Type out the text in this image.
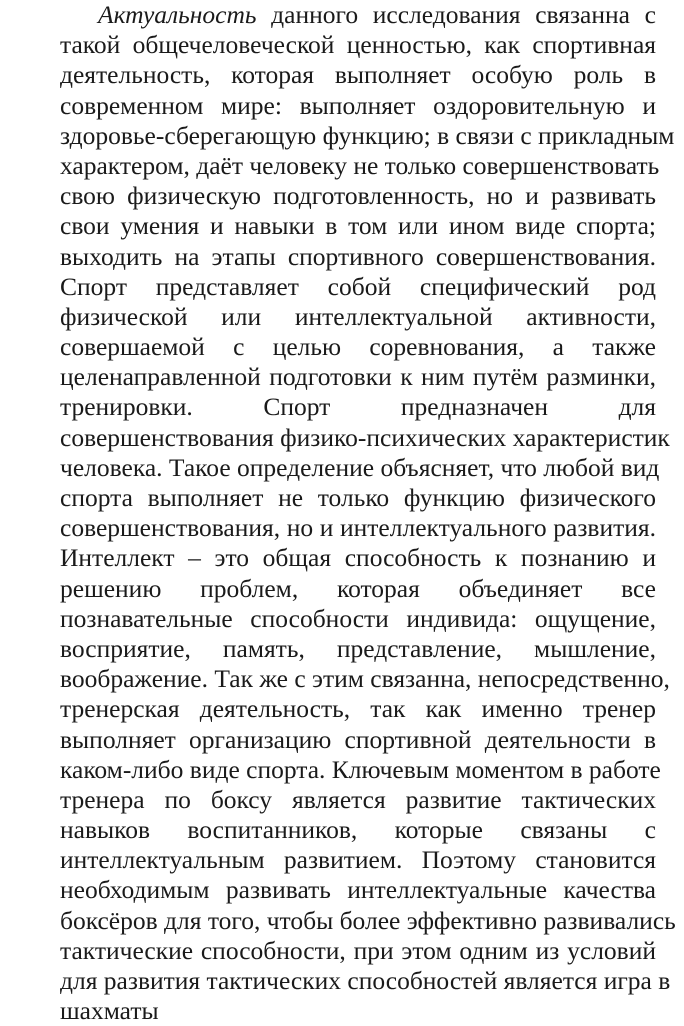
Актуальность данного исследования связанна с
такой общечеловеческой ценностью, как спортивная
деятельность, которая выполняет особую роль в
современном мире: выполняет оздоровительную и
здоровье-сберегающую функцию; в связи с прикладным
характером, даёт человеку не только совершенствовать
свою физическую подготовленность, но и развивать
свои умения и навыки в том или ином виде спорта;
выходить на этапы спортивного совершенствования.
Спорт представляет собой специфический род
физической или интеллектуальной активности,
совершаемой с целью соревнования, а также
целенаправленной подготовки к ним путём разминки,
тренировки. Спорт предназначен для
совершенствования физико-психических характеристик
человека. Такое определение объясняет, что любой вид
спорта выполняет не только функцию физического
совершенствования, но и интеллектуального развития.
Интеллект – это общая способность к познанию и
решению проблем, которая объединяет все
познавательные способности индивида: ощущение,
восприятие, память, представление, мышление,
воображение. Так же с этим связанна, непосредственно,
тренерская деятельность, так как именно тренер
выполняет организацию спортивной деятельности в
каком-либо виде спорта. Ключевым моментом в работе
тренера по боксу является развитие тактических
навыков воспитанников, которые связаны с
интеллектуальным развитием. Поэтому становится
необходимым развивать интеллектуальные качества
боксёров для того, чтобы более эффективно развивались
тактические способности, при этом одним из условий
для развития тактических способностей является игра в
шахматы
